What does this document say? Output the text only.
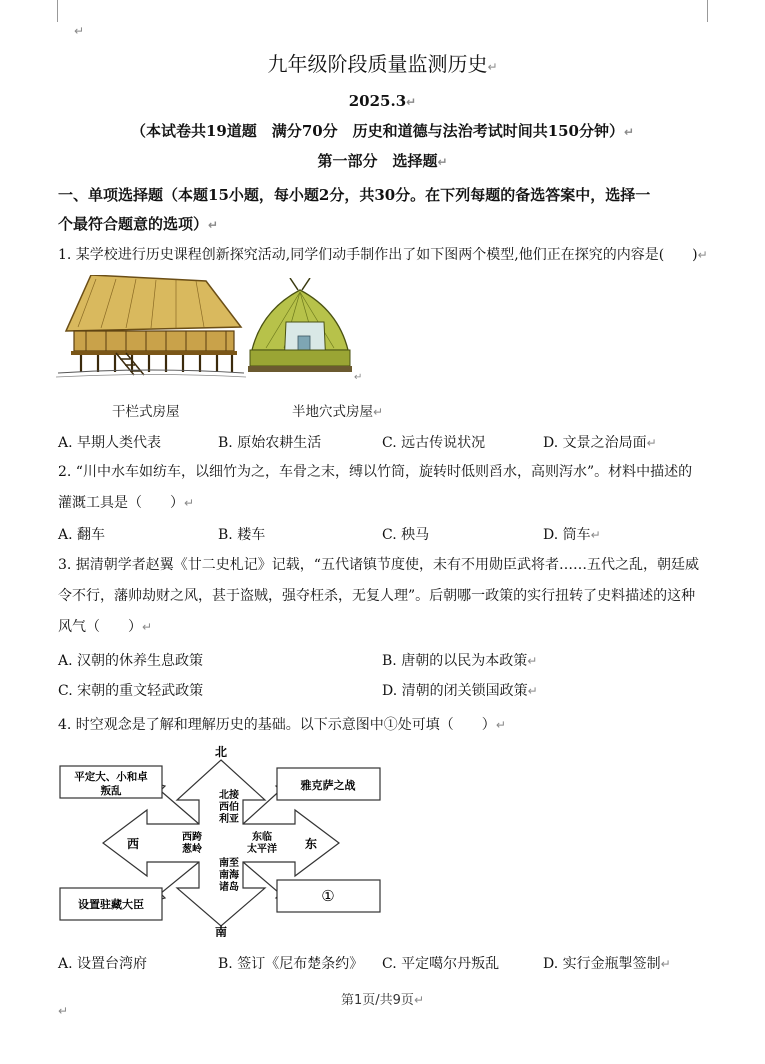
↵
九年级阶段质量监测历史↵
2025.3↵
（本试卷共19道题　满分70分　历史和道德与法治考试时间共150分钟）↵
第一部分　选择题↵
一、单项选择题（本题15小题，每小题2分，共30分。在下列每题的备选答案中，选择一
个最符合题意的选项）↵
1. 某学校进行历史课程创新探究活动,同学们动手制作出了如下图两个模型,他们正在探究的内容是(　　)↵
↵
干栏式房屋	半地穴式房屋↵
A. 早期人类代表	B. 原始农耕生活	C. 远古传说状况	D. 文景之治局面↵
2. “川中水车如纺车，以细竹为之，车骨之末，缚以竹筒，旋转时低则舀水，高则泻水”。材料中描述的
灌溉工具是（　　）↵
A. 翻车	B. 耧车	C. 秧马	D. 筒车↵
3. 据清朝学者赵翼《廿二史札记》记载，“五代诸镇节度使，未有不用勋臣武将者……五代之乱，朝廷威
令不行，藩帅劫财之风，甚于盗贼，强夺枉杀，无复人理”。后朝哪一政策的实行扭转了史料描述的这种
风气（　　）↵
A. 汉朝的休养生息政策	B. 唐朝的以民为本政策↵
C. 宋朝的重文轻武政策	D. 清朝的闭关锁国政策↵
4. 时空观念是了解和理解历史的基础。以下示意图中①处可填（　　）↵
平定大、小和卓
叛乱	雅克萨之战
设置驻藏大臣	①
北
南
西	东
北接
西伯
利亚
西跨
葱岭
东临
太平洋
南至
南海
诸岛
A. 设置台湾府	B. 签订《尼布楚条约》 C. 平定噶尔丹叛乱	D. 实行金瓶掣签制↵
第1页/共9页↵
↵
